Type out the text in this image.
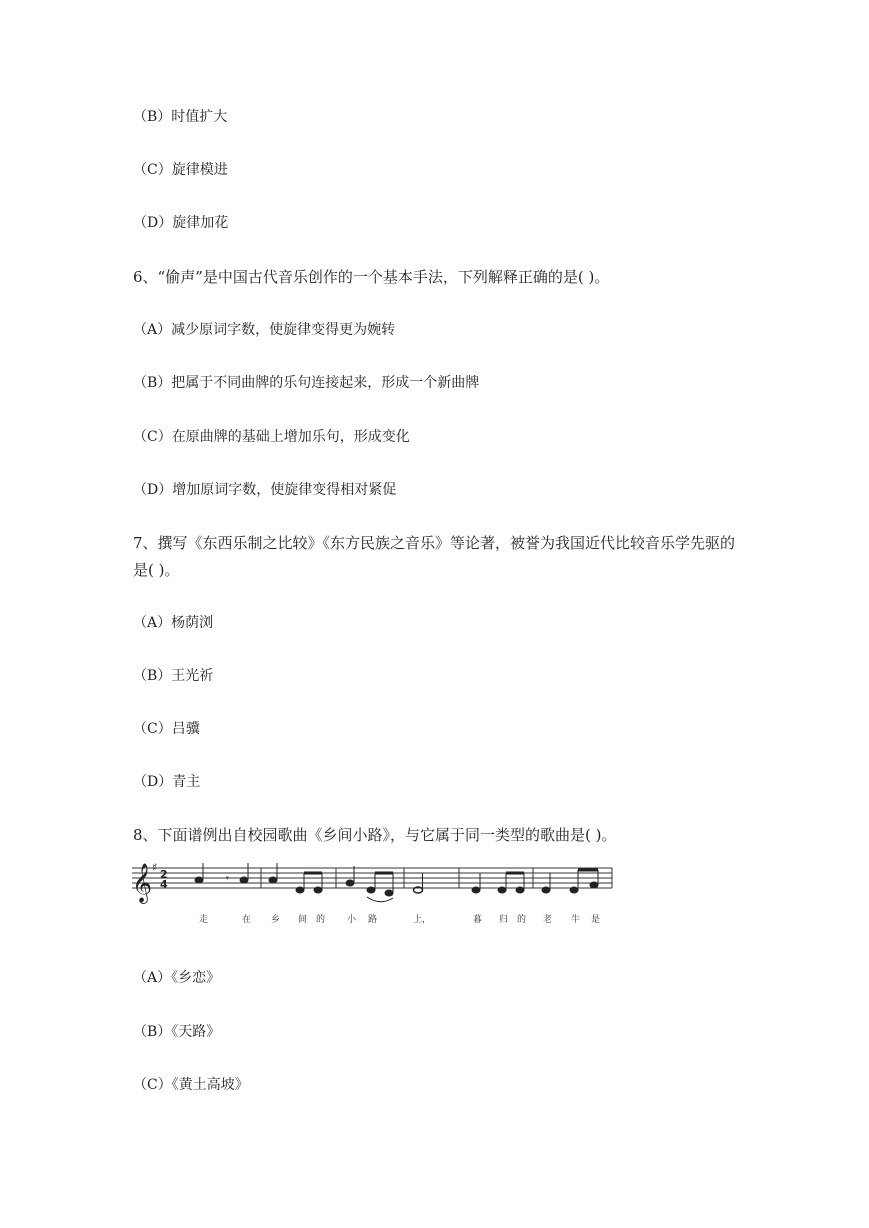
（B）时值扩大
（C）旋律模进
（D）旋律加花
6、“偷声”是中国古代音乐创作的一个基本手法，下列解释正确的是( )。
（A）减少原词字数，使旋律变得更为婉转
（B）把属于不同曲牌的乐句连接起来，形成一个新曲牌
（C）在原曲牌的基础上增加乐句，形成变化
（D）增加原词字数，使旋律变得相对紧促
7、撰写《东西乐制之比较》《东方民族之音乐》等论著，被誉为我国近代比较音乐学先驱的
是( )。
（A）杨荫浏
（B）王光祈
（C）吕骥
（D）青主
8、下面谱例出自校园歌曲《乡间小路》，与它属于同一类型的歌曲是( )。
𝄞 ♯
2
4	𝄾
走	在 乡 间 的 小 路	上，	暮 归 的 老 牛 是
（A）《乡恋》
（B）《天路》
（C）《黄土高坡》
